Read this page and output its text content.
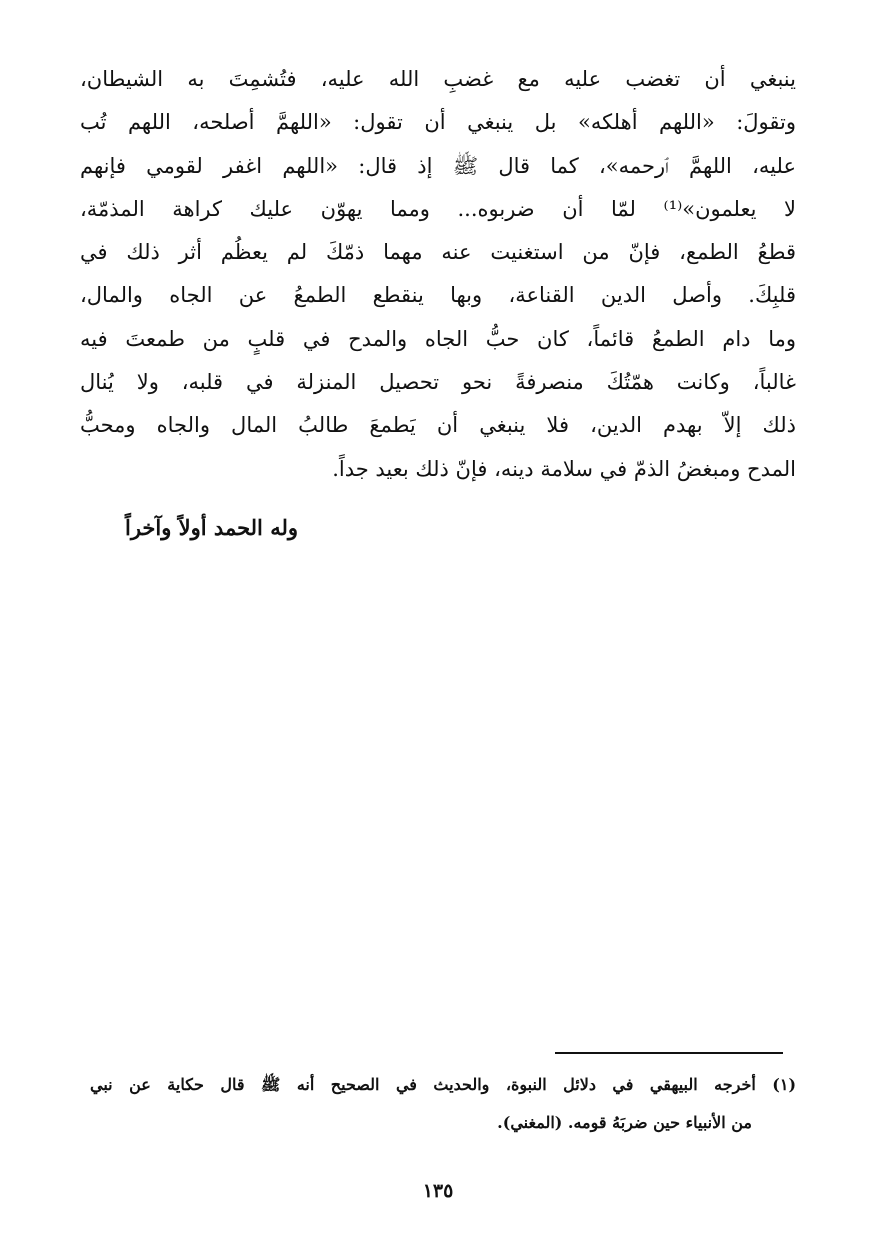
ينبغي أن تغضب عليه مع غضبِ الله عليه، فتُشمِتَ به الشيطان،
وتقولَ: «اللهم أهلكه» بل ينبغي أن تقول: «اللهمَّ أصلحه، اللهم تُب
عليه، اللهمَّ ٱرحمه»، كما قال ﷺ إذ قال: «اللهم اغفر لقومي فإنهم
لا يعلمون»⁽¹⁾ لمّا أن ضربوه... ومما يهوّن عليك كراهة المذمّة،
قطعُ الطمع، فإنّ من استغنيت عنه مهما ذمّكَ لم يعظُم أثر ذلك في
قلبِكَ. وأصل الدين القناعة، وبها ينقطع الطمعُ عن الجاه والمال،
وما دام الطمعُ قائماً، كان حبُّ الجاه والمدح في قلبٍ من طمعتَ فيه
غالباً، وكانت همّتُكَ منصرفةً نحو تحصيل المنزلة في قلبه، ولا يُنال
ذلك إلاّ بهدم الدين، فلا ينبغي أن يَطمعَ طالبُ المال والجاه ومحبُّ
المدح ومبغضُ الذمّ في سلامة دينه، فإنّ ذلك بعيد جداً.
وله الحمد أولاً وآخراً
(١) أخرجه البيهقي في دلائل النبوة، والحديث في الصحيح أنه ﷺ قال حكاية عن نبي
من الأنبياء حين ضربَهُ قومه. (المغني).
١٣٥
